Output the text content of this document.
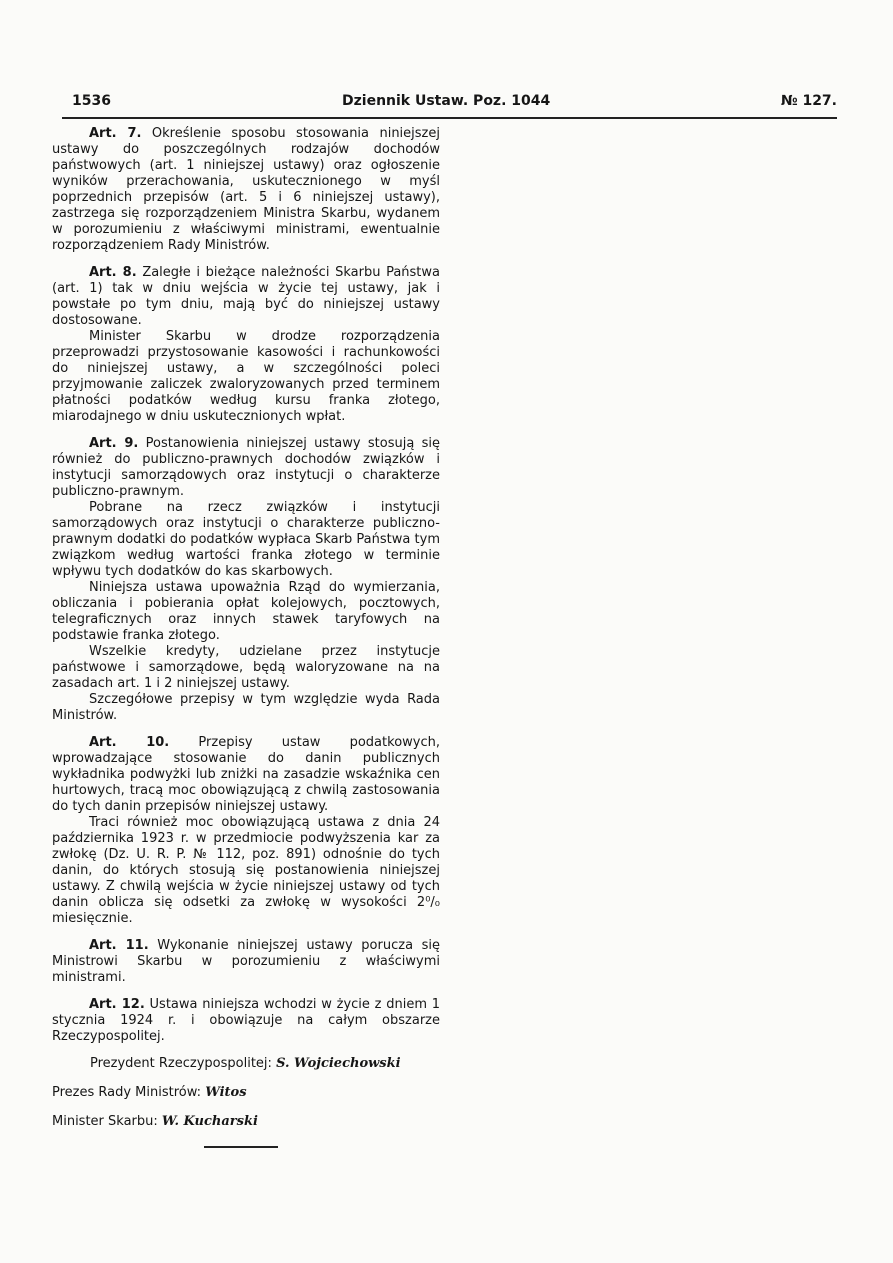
1536	Dziennik Ustaw. Poz. 1044	№ 127.

Art. 7. Określenie sposobu stosowania niniejszej ustawy do poszczególnych rodzajów dochodów państwowych (art. 1 niniejszej ustawy) oraz ogłoszenie wyników przerachowania, uskutecznionego w myśl poprzednich przepisów (art. 5 i 6 niniejszej ustawy), zastrzega się rozporządzeniem Ministra Skarbu, wydanem w porozumieniu z właściwymi ministrami, ewentualnie rozporządzeniem Rady Ministrów.

Art. 8. Zaległe i bieżące należności Skarbu Państwa (art. 1) tak w dniu wejścia w życie tej ustawy, jak i powstałe po tym dniu, mają być do niniejszej ustawy dostosowane.

Minister Skarbu w drodze rozporządzenia przeprowadzi przystosowanie kasowości i rachunkowości do niniejszej ustawy, a w szczególności poleci przyjmowanie zaliczek zwaloryzowanych przed terminem płatności podatków według kursu franka złotego, miarodajnego w dniu uskutecznionych wpłat.

Art. 9. Postanowienia niniejszej ustawy stosują się również do publiczno-prawnych dochodów związków i instytucji samorządowych oraz instytucji o charakterze publiczno-prawnym.

Pobrane na rzecz związków i instytucji samorządowych oraz instytucji o charakterze publiczno-prawnym dodatki do podatków wypłaca Skarb Państwa tym związkom według wartości franka złotego w terminie wpływu tych dodatków do kas skarbowych.

Niniejsza ustawa upoważnia Rząd do wymierzania, obliczania i pobierania opłat kolejowych, pocztowych, telegraficznych oraz innych stawek taryfowych na podstawie franka złotego.

Wszelkie kredyty, udzielane przez instytucje państwowe i samorządowe, będą waloryzowane na na zasadach art. 1 i 2 niniejszej ustawy.

Szczegółowe przepisy w tym względzie wyda Rada Ministrów.

Art. 10. Przepisy ustaw podatkowych, wprowadzające stosowanie do danin publicznych wykładnika podwyżki lub zniżki na zasadzie wskaźnika cen hurtowych, tracą moc obowiązującą z chwilą zastosowania do tych danin przepisów niniejszej ustawy.

Traci również moc obowiązującą ustawa z dnia 24 października 1923 r. w przedmiocie podwyższenia kar za zwłokę (Dz. U. R. P. № 112, poz. 891) odnośnie do tych danin, do których stosują się postanowienia niniejszej ustawy. Z chwilą wejścia w życie niniejszej ustawy od tych danin oblicza się odsetki za zwłokę w wysokości 2⁰/₀ miesięcznie.

Art. 11. Wykonanie niniejszej ustawy porucza się Ministrowi Skarbu w porozumieniu z właściwymi ministrami.

Art. 12. Ustawa niniejsza wchodzi w życie z dniem 1 stycznia 1924 r. i obowiązuje na całym obszarze Rzeczypospolitej.

Prezydent Rzeczypospolitej: S. Wojciechowski
Prezes Rady Ministrów: Witos
Minister Skarbu: W. Kucharski
